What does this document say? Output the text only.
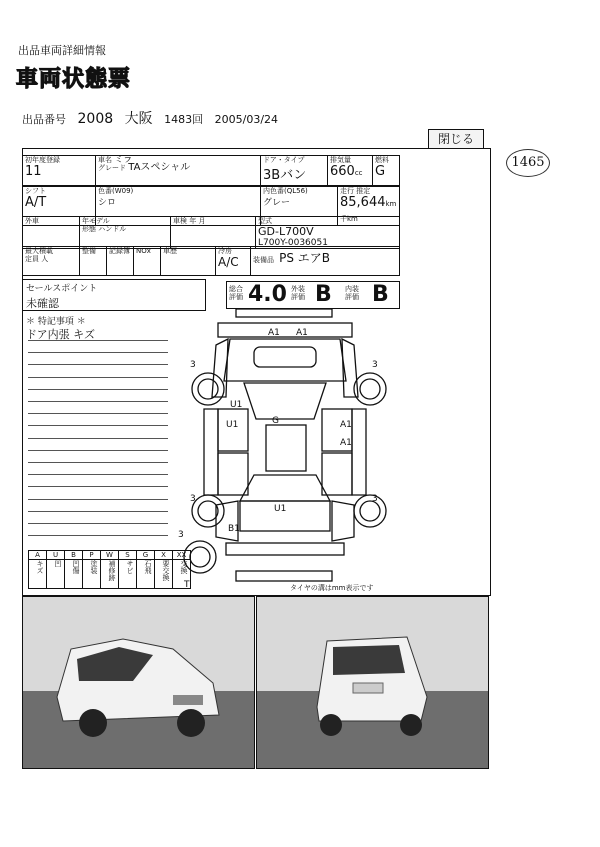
出品車両詳細情報
車両状態票
出品番号 2008 大阪 1483回 2005/03/24
閉じる
1465
初年度登録
11

車名 ミラ
グレード TAスペシャル

ドア・タイプ
3Bバン

排気量
660cc

燃料
G
シフト
A/T

色番(W09)
シロ

内色番(QL56)
グレー

走行 推定
85,644km 千km
外車	年モデル
形態 ハンドル

車検 年 月	型式
GD-L700V
L700Y-0036051
最大積載
定員 人

整備	記録簿	NOx	車歴	冷房
A/C	装備品 PS エアB
セールスポイント
未確認
総合評価 4.0 外装評価 B 内装評価 B
＊ 特記事項 ＊
ドア内張 キズ
A	U	B	P	W	S	G	X	XX
キズ	凹	凹傷	塗装	補修跡	サビ	石飛	要交換	交換
A1 A1
3	3
U1
U1	G	A1
A1
U1
3	3
B1
T
3
タイヤの溝はmm表示です
